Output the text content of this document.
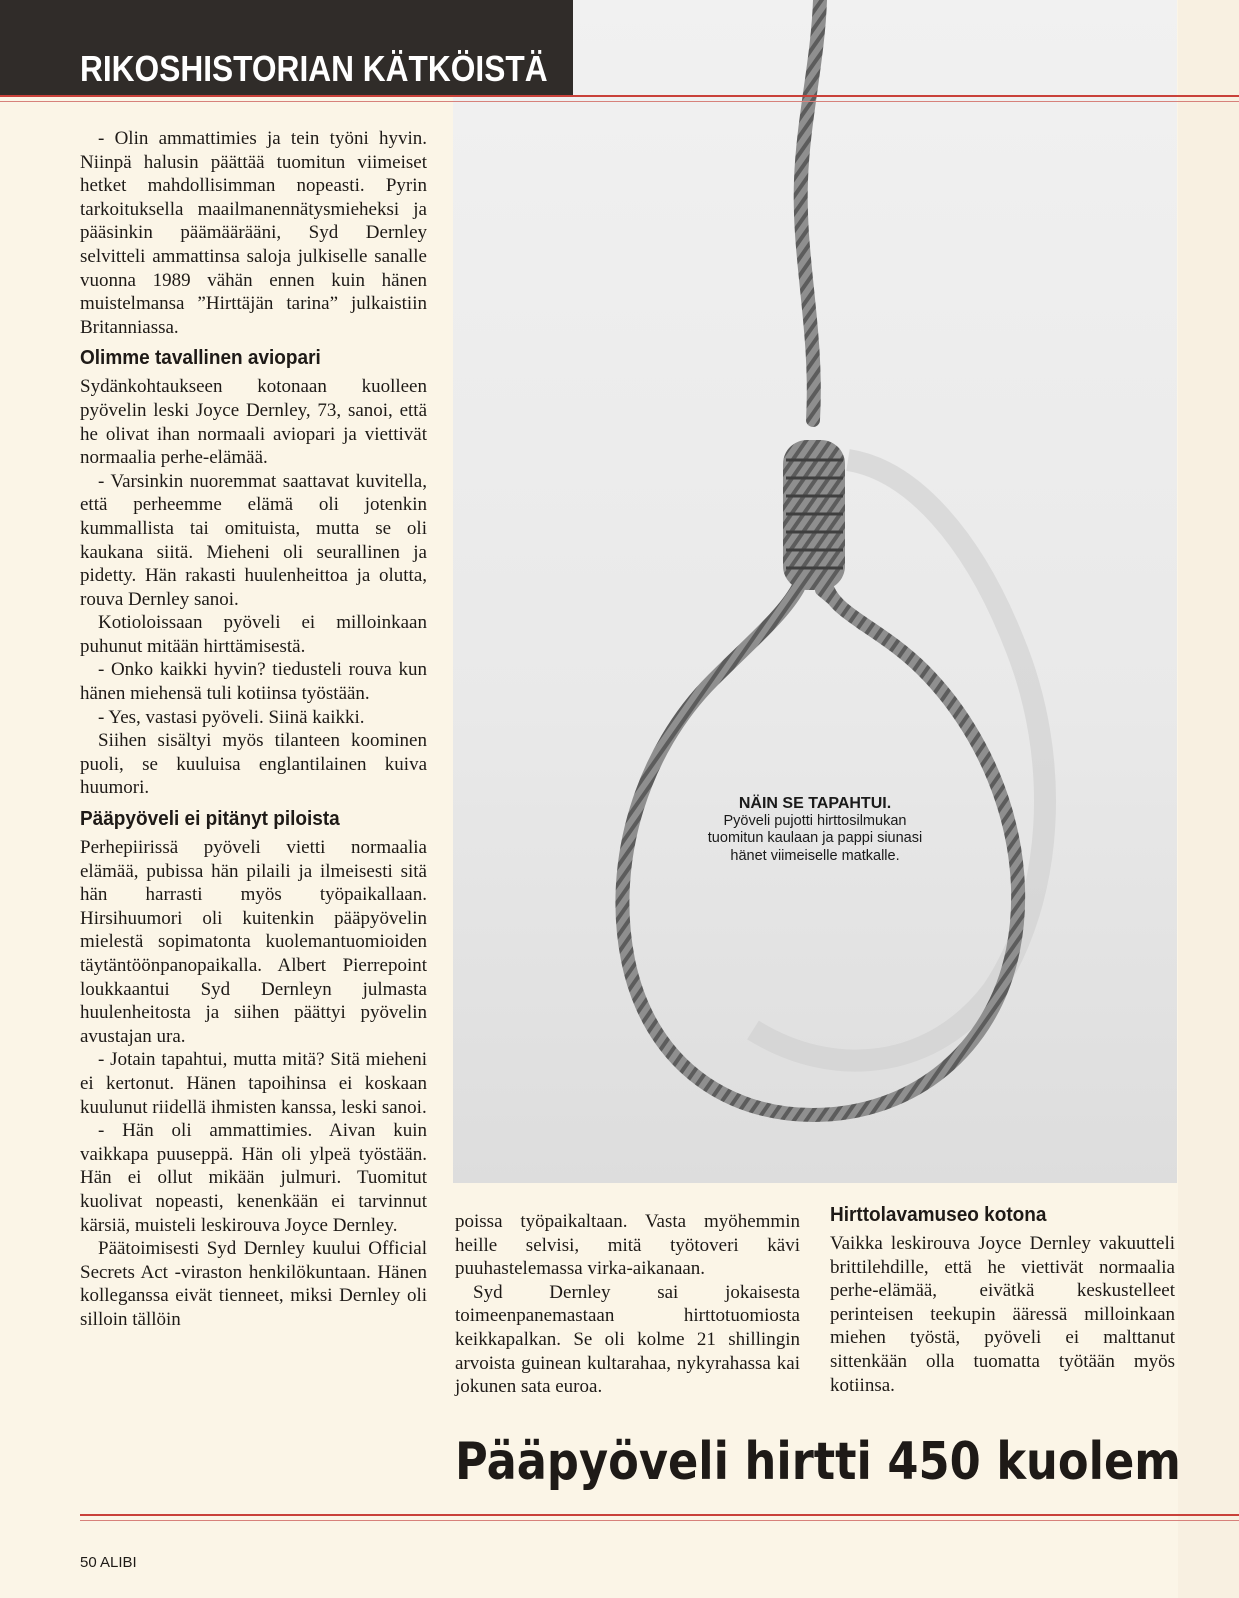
RIKOSHISTORIAN KÄTKÖISTÄ

- Olin ammattimies ja tein työni hyvin. Niinpä halusin päättää tuomitun viimeiset hetket mahdollisimman nopeasti. Pyrin tarkoituksella maailmanennätysmieheksi ja pääsinkin päämäärääni, Syd Dernley selvitteli ammattinsa saloja julkiselle sanalle vuonna 1989 vähän ennen kuin hänen muistelmansa ”Hirttäjän tarina” julkaistiin Britanniassa.

Olimme tavallinen aviopari

Sydänkohtaukseen kotonaan kuolleen pyövelin leski Joyce Dernley, 73, sanoi, että he olivat ihan normaali aviopari ja viettivät normaalia perhe-elämää.

- Varsinkin nuoremmat saattavat kuvitella, että perheemme elämä oli jotenkin kummallista tai omituista, mutta se oli kaukana siitä. Mieheni oli seurallinen ja pidetty. Hän rakasti huulenheittoa ja olutta, rouva Dernley sanoi.

Kotioloissaan pyöveli ei milloinkaan puhunut mitään hirttämisestä.

- Onko kaikki hyvin? tiedusteli rouva kun hänen miehensä tuli kotiinsa työstään.

- Yes, vastasi pyöveli. Siinä kaikki.

Siihen sisältyi myös tilanteen koominen puoli, se kuuluisa englantilainen kuiva huumori.

Pääpyöveli ei pitänyt piloista

Perhepiirissä pyöveli vietti normaalia elämää, pubissa hän pilaili ja ilmeisesti sitä hän harrasti myös työpaikallaan. Hirsihuumori oli kuitenkin pääpyövelin mielestä sopimatonta kuolemantuomioiden täytäntöönpanopaikalla. Albert Pierrepoint loukkaantui Syd Dernleyn julmasta huulenheitosta ja siihen päättyi pyövelin avustajan ura.

- Jotain tapahtui, mutta mitä? Sitä mieheni ei kertonut. Hänen tapoihinsa ei koskaan kuulunut riidellä ihmisten kanssa, leski sanoi.

- Hän oli ammattimies. Aivan kuin vaikkapa puuseppä. Hän oli ylpeä työstään. Hän ei ollut mikään julmuri. Tuomitut kuolivat nopeasti, kenenkään ei tarvinnut kärsiä, muisteli leskirouva Joyce Dernley.

Päätoimisesti Syd Dernley kuului Official Secrets Act -viraston henkilökuntaan. Hänen kolleganssa eivät tienneet, miksi Dernley oli silloin tällöin

poissa työpaikaltaan. Vasta myöhemmin heille selvisi, mitä työtoveri kävi puuhastelemassa virka-aikanaan.

Syd Dernley sai jokaisesta toimeenpanemastaan hirttotuomiosta keikkapalkan. Se oli kolme 21 shillingin arvoista guinean kultarahaa, nykyrahassa kai jokunen sata euroa.

Hirttolavamuseo kotona

Vaikka leskirouva Joyce Dernley vakuutteli brittilehdille, että he viettivät normaalia perhe-elämää, eivätkä keskustelleet perinteisen teekupin ääressä milloinkaan miehen työstä, pyöveli ei malttanut sittenkään olla tuomatta työtään myös kotiinsa.

NÄIN SE TAPAHTUI.
Pyöveli pujotti hirttosilmukan tuomitun kaulaan ja pappi siunasi hänet viimeiselle matkalle.
Pääpyöveli hirtti 450 kuolem
50 ALIBI
